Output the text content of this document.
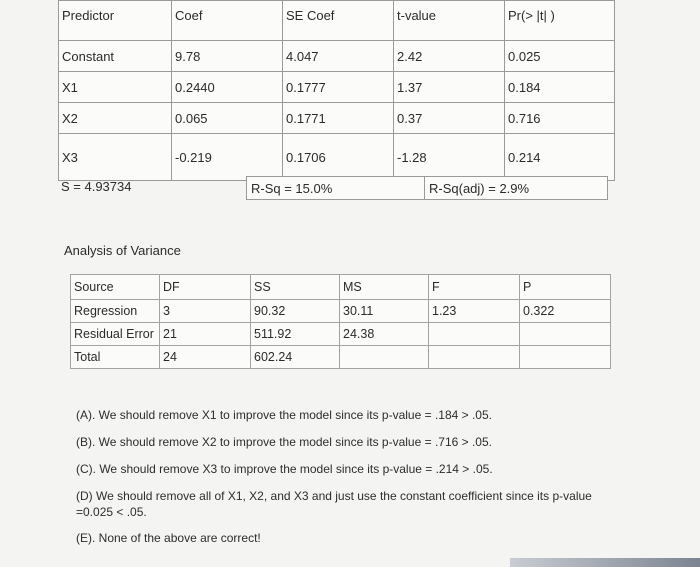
Predictor	Coef	SE Coef	t-value	Pr(> |t| )
Constant	9.78	4.047	2.42	0.025
X1	0.2440	0.1777	1.37	0.184
X2	0.065	0.1771	0.37	0.716
X3	-0.219	0.1706	-1.28	0.214
S = 4.93734	R-Sq = 15.0%	R-Sq(adj) = 2.9%
Analysis of Variance
Source	DF	SS	MS	F	P
Regression	3	90.32	30.11	1.23	0.322
Residual Error	21	511.92	24.38		
Total	24	602.24			
(A). We should remove X1 to improve the model since its p-value = .184 > .05.
(B). We should remove X2 to improve the model since its p-value = .716 > .05.
(C). We should remove X3 to improve the model since its p-value = .214 > .05.
(D) We should remove all of X1, X2, and X3 and just use the constant coefficient since its p-value =0.025 < .05.
(E). None of the above are correct!
